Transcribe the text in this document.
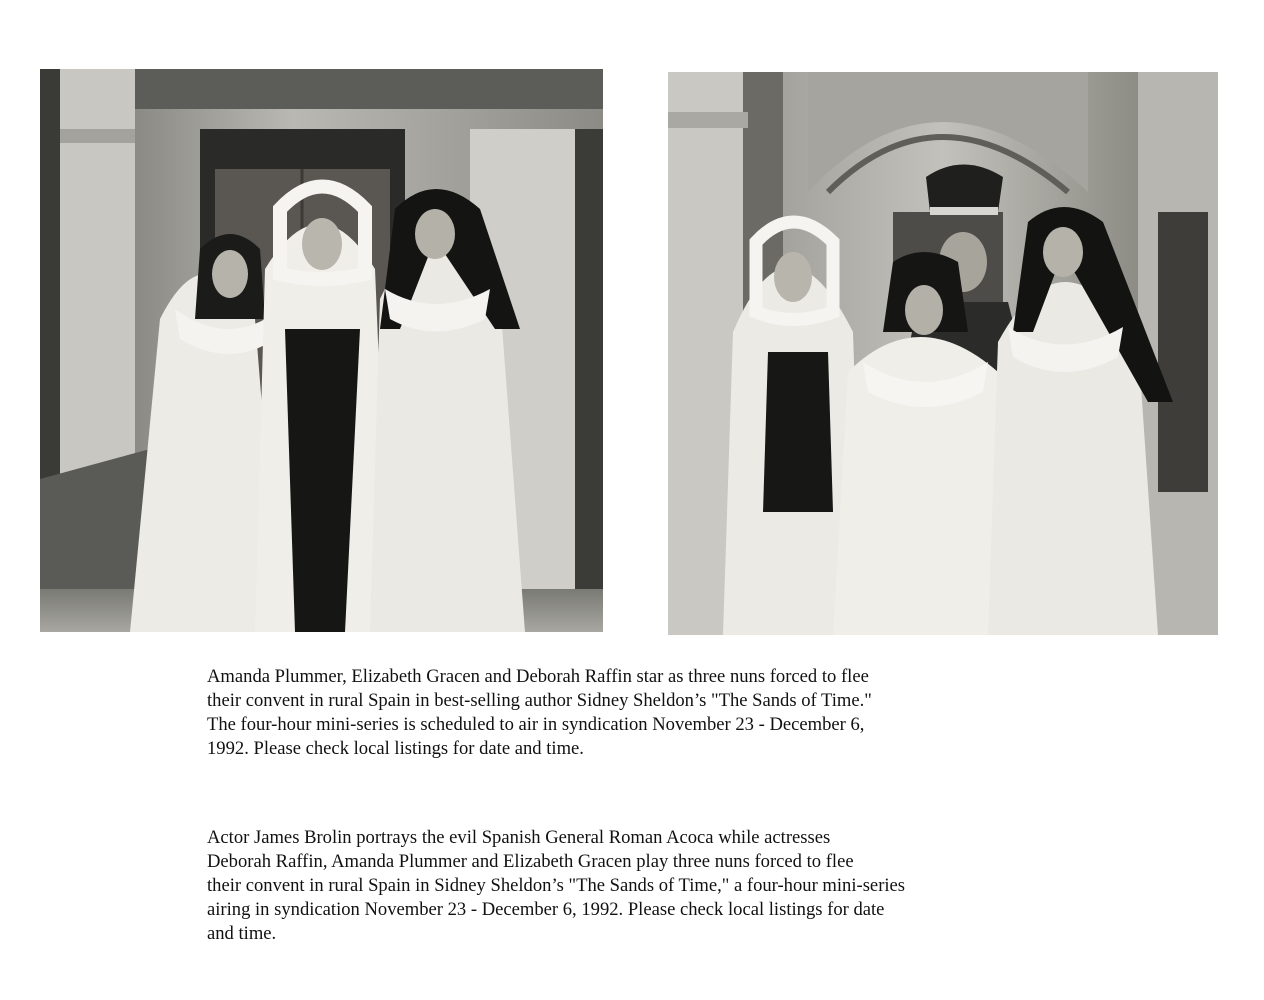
Amanda Plummer, Elizabeth Gracen and Deborah Raffin star as three nuns forced to flee
their convent in rural Spain in best-selling author Sidney Sheldon’s "The Sands of Time."
The four-hour mini-series is scheduled to air in syndication November 23 - December 6,
1992. Please check local listings for date and time.

Actor James Brolin portrays the evil Spanish General Roman Acoca while actresses
Deborah Raffin, Amanda Plummer and Elizabeth Gracen play three nuns forced to flee
their convent in rural Spain in Sidney Sheldon’s "The Sands of Time," a four-hour mini-series
airing in syndication November 23 - December 6, 1992. Please check local listings for date
and time.
